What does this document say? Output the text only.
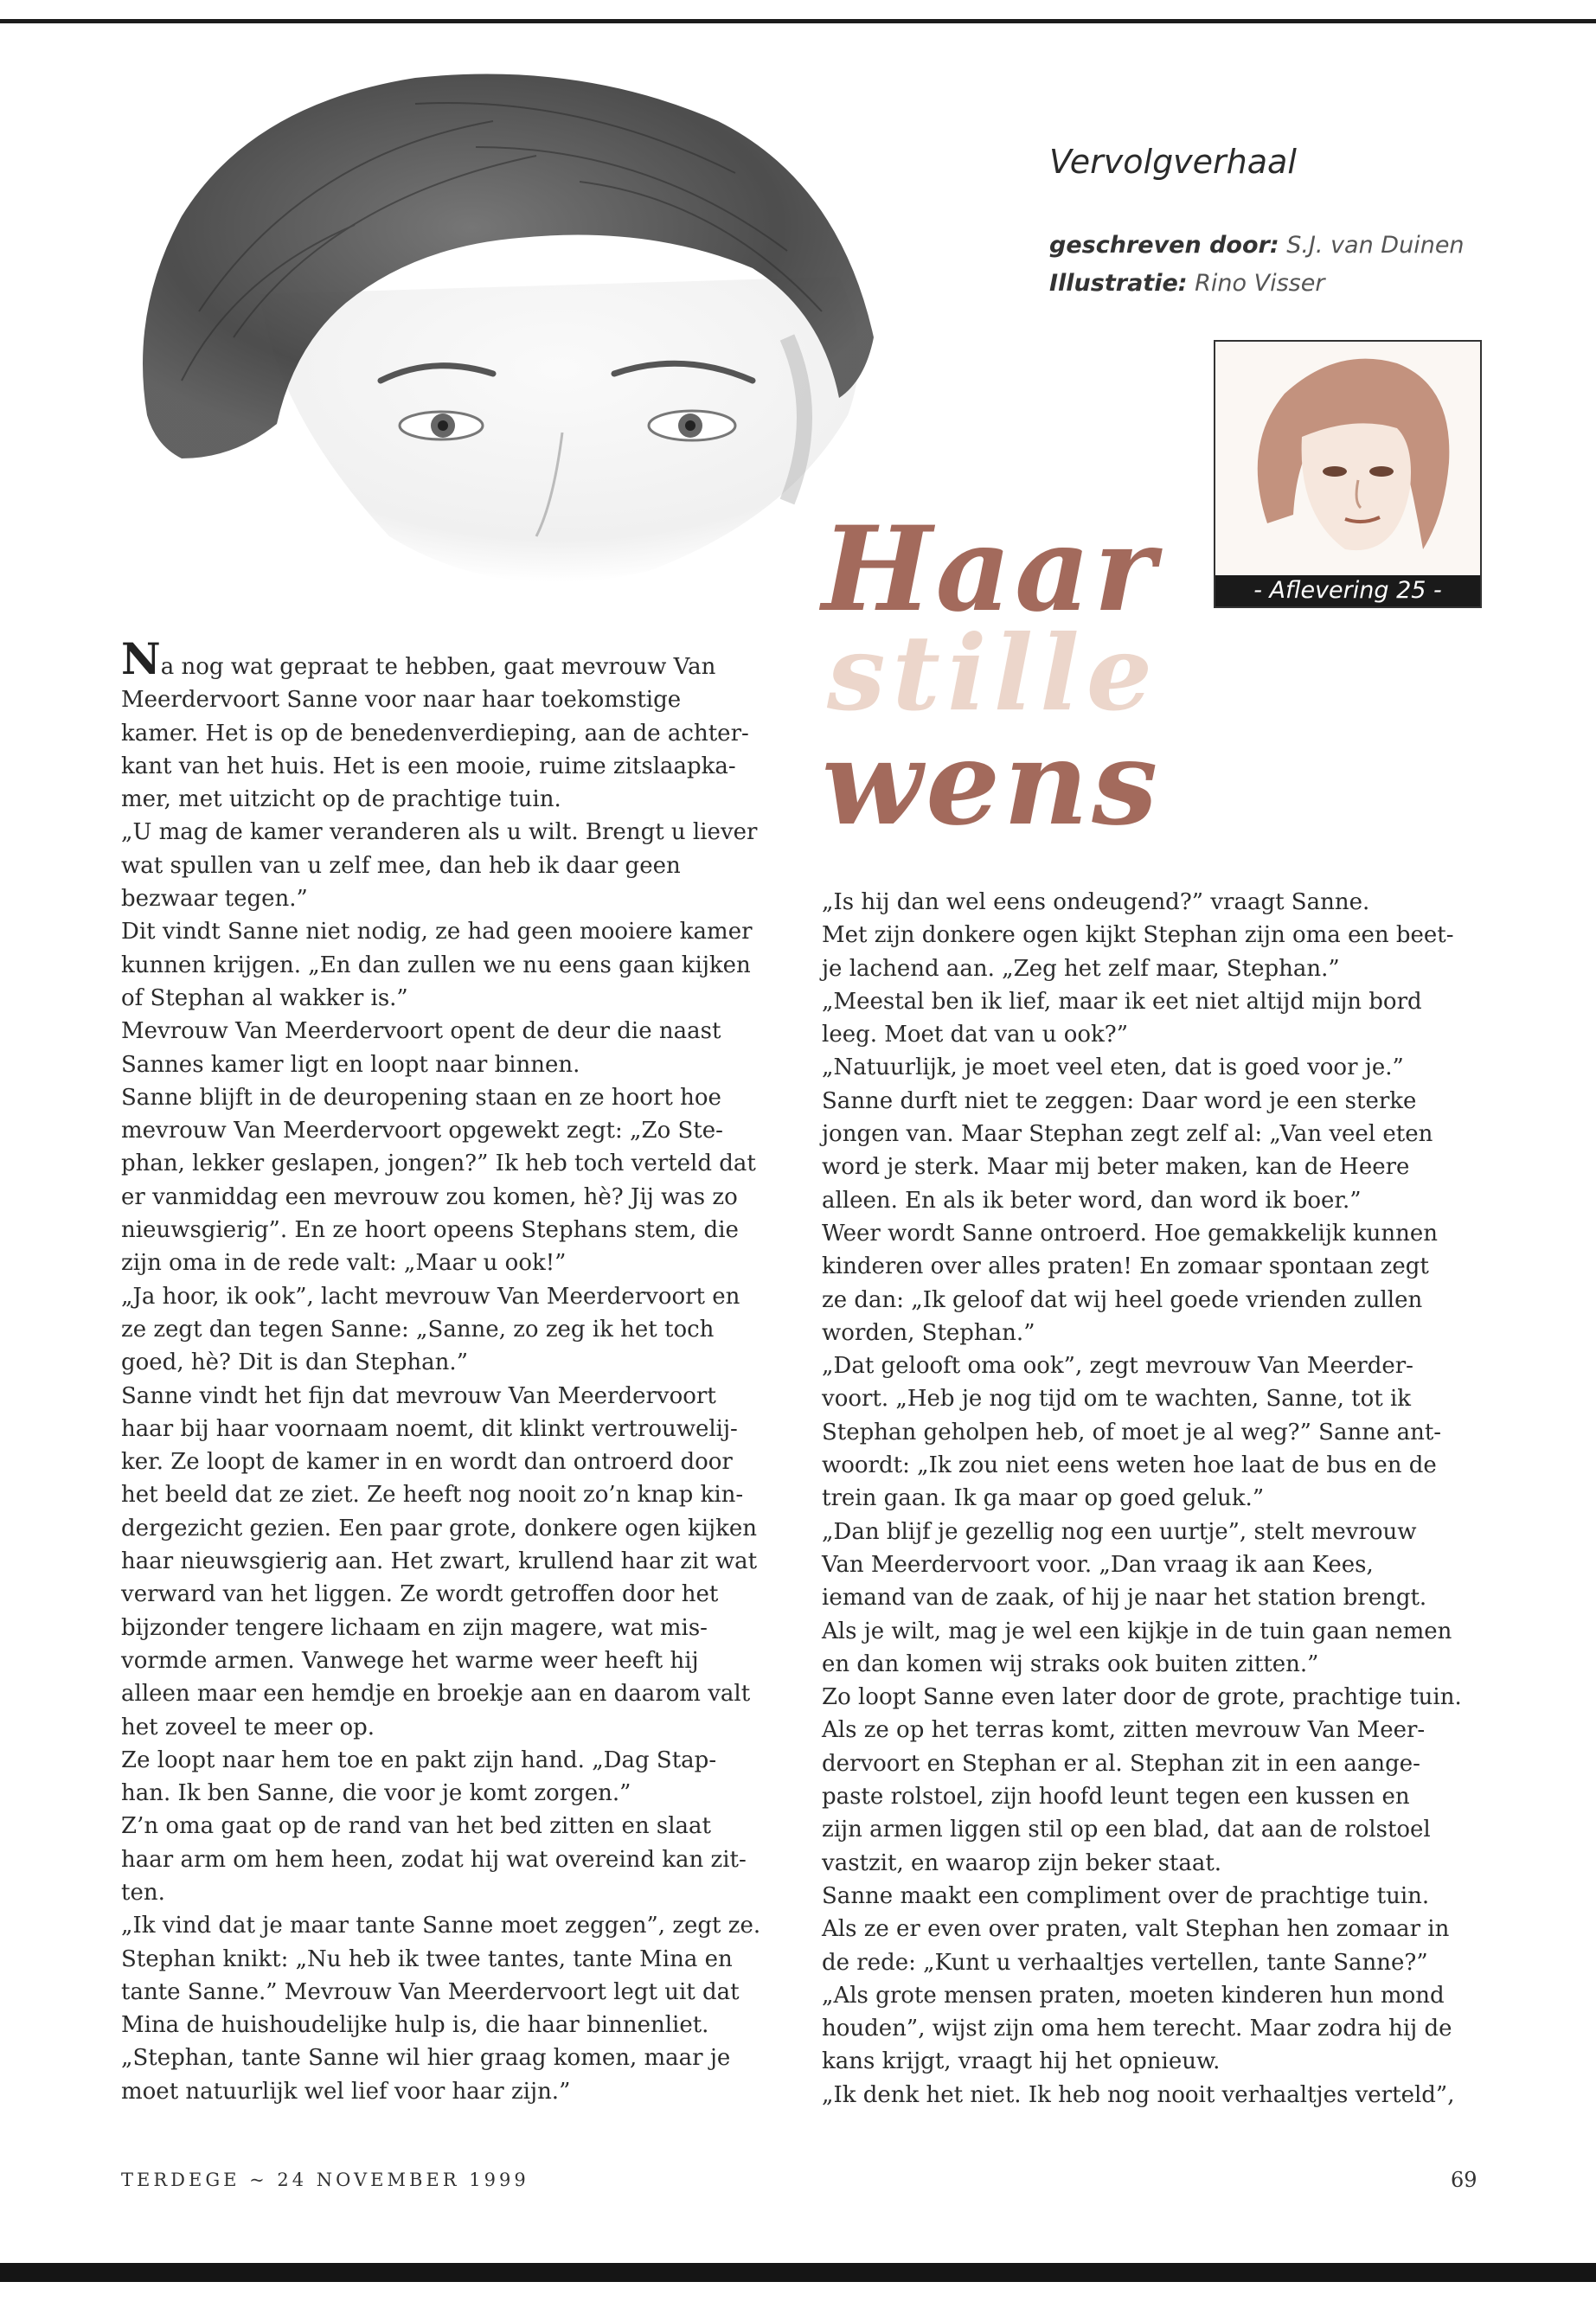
Vervolgverhaal
geschreven door: S.J. van Duinen
Illustratie: Rino Visser
- Aflevering 25 -
Haar
stille
wens

Na nog wat gepraat te hebben, gaat mevrouw Van
Meerdervoort Sanne voor naar haar toekomstige
kamer. Het is op de benedenverdieping, aan de achter-
kant van het huis. Het is een mooie, ruime zitslaapka-
mer, met uitzicht op de prachtige tuin.
„U mag de kamer veranderen als u wilt. Brengt u liever
wat spullen van u zelf mee, dan heb ik daar geen
bezwaar tegen.”
Dit vindt Sanne niet nodig, ze had geen mooiere kamer
kunnen krijgen. „En dan zullen we nu eens gaan kijken
of Stephan al wakker is.”
Mevrouw Van Meerdervoort opent de deur die naast
Sannes kamer ligt en loopt naar binnen.
Sanne blijft in de deuropening staan en ze hoort hoe
mevrouw Van Meerdervoort opgewekt zegt: „Zo Ste-
phan, lekker geslapen, jongen?” Ik heb toch verteld dat
er vanmiddag een mevrouw zou komen, hè? Jij was zo
nieuwsgierig”. En ze hoort opeens Stephans stem, die
zijn oma in de rede valt: „Maar u ook!”
„Ja hoor, ik ook”, lacht mevrouw Van Meerdervoort en
ze zegt dan tegen Sanne: „Sanne, zo zeg ik het toch
goed, hè? Dit is dan Stephan.”
Sanne vindt het fijn dat mevrouw Van Meerdervoort
haar bij haar voornaam noemt, dit klinkt vertrouwelij-
ker. Ze loopt de kamer in en wordt dan ontroerd door
het beeld dat ze ziet. Ze heeft nog nooit zo’n knap kin-
dergezicht gezien. Een paar grote, donkere ogen kijken
haar nieuwsgierig aan. Het zwart, krullend haar zit wat
verward van het liggen. Ze wordt getroffen door het
bijzonder tengere lichaam en zijn magere, wat mis-
vormde armen. Vanwege het warme weer heeft hij
alleen maar een hemdje en broekje aan en daarom valt
het zoveel te meer op.
Ze loopt naar hem toe en pakt zijn hand. „Dag Stap-
han. Ik ben Sanne, die voor je komt zorgen.”
Z’n oma gaat op de rand van het bed zitten en slaat
haar arm om hem heen, zodat hij wat overeind kan zit-
ten.
„Ik vind dat je maar tante Sanne moet zeggen”, zegt ze.
Stephan knikt: „Nu heb ik twee tantes, tante Mina en
tante Sanne.” Mevrouw Van Meerdervoort legt uit dat
Mina de huishoudelijke hulp is, die haar binnenliet.
„Stephan, tante Sanne wil hier graag komen, maar je
moet natuurlijk wel lief voor haar zijn.”

„Is hij dan wel eens ondeugend?” vraagt Sanne.
Met zijn donkere ogen kijkt Stephan zijn oma een beet-
je lachend aan. „Zeg het zelf maar, Stephan.”
„Meestal ben ik lief, maar ik eet niet altijd mijn bord
leeg. Moet dat van u ook?”
„Natuurlijk, je moet veel eten, dat is goed voor je.”
Sanne durft niet te zeggen: Daar word je een sterke
jongen van. Maar Stephan zegt zelf al: „Van veel eten
word je sterk. Maar mij beter maken, kan de Heere
alleen. En als ik beter word, dan word ik boer.”
Weer wordt Sanne ontroerd. Hoe gemakkelijk kunnen
kinderen over alles praten! En zomaar spontaan zegt
ze dan: „Ik geloof dat wij heel goede vrienden zullen
worden, Stephan.”
„Dat gelooft oma ook”, zegt mevrouw Van Meerder-
voort. „Heb je nog tijd om te wachten, Sanne, tot ik
Stephan geholpen heb, of moet je al weg?” Sanne ant-
woordt: „Ik zou niet eens weten hoe laat de bus en de
trein gaan. Ik ga maar op goed geluk.”
„Dan blijf je gezellig nog een uurtje”, stelt mevrouw
Van Meerdervoort voor. „Dan vraag ik aan Kees,
iemand van de zaak, of hij je naar het station brengt.
Als je wilt, mag je wel een kijkje in de tuin gaan nemen
en dan komen wij straks ook buiten zitten.”
Zo loopt Sanne even later door de grote, prachtige tuin.
Als ze op het terras komt, zitten mevrouw Van Meer-
dervoort en Stephan er al. Stephan zit in een aange-
paste rolstoel, zijn hoofd leunt tegen een kussen en
zijn armen liggen stil op een blad, dat aan de rolstoel
vastzit, en waarop zijn beker staat.
Sanne maakt een compliment over de prachtige tuin.
Als ze er even over praten, valt Stephan hen zomaar in
de rede: „Kunt u verhaaltjes vertellen, tante Sanne?”
„Als grote mensen praten, moeten kinderen hun mond
houden”, wijst zijn oma hem terecht. Maar zodra hij de
kans krijgt, vraagt hij het opnieuw.
„Ik denk het niet. Ik heb nog nooit verhaaltjes verteld”,

TERDEGE ~ 24 NOVEMBER 1999	69
